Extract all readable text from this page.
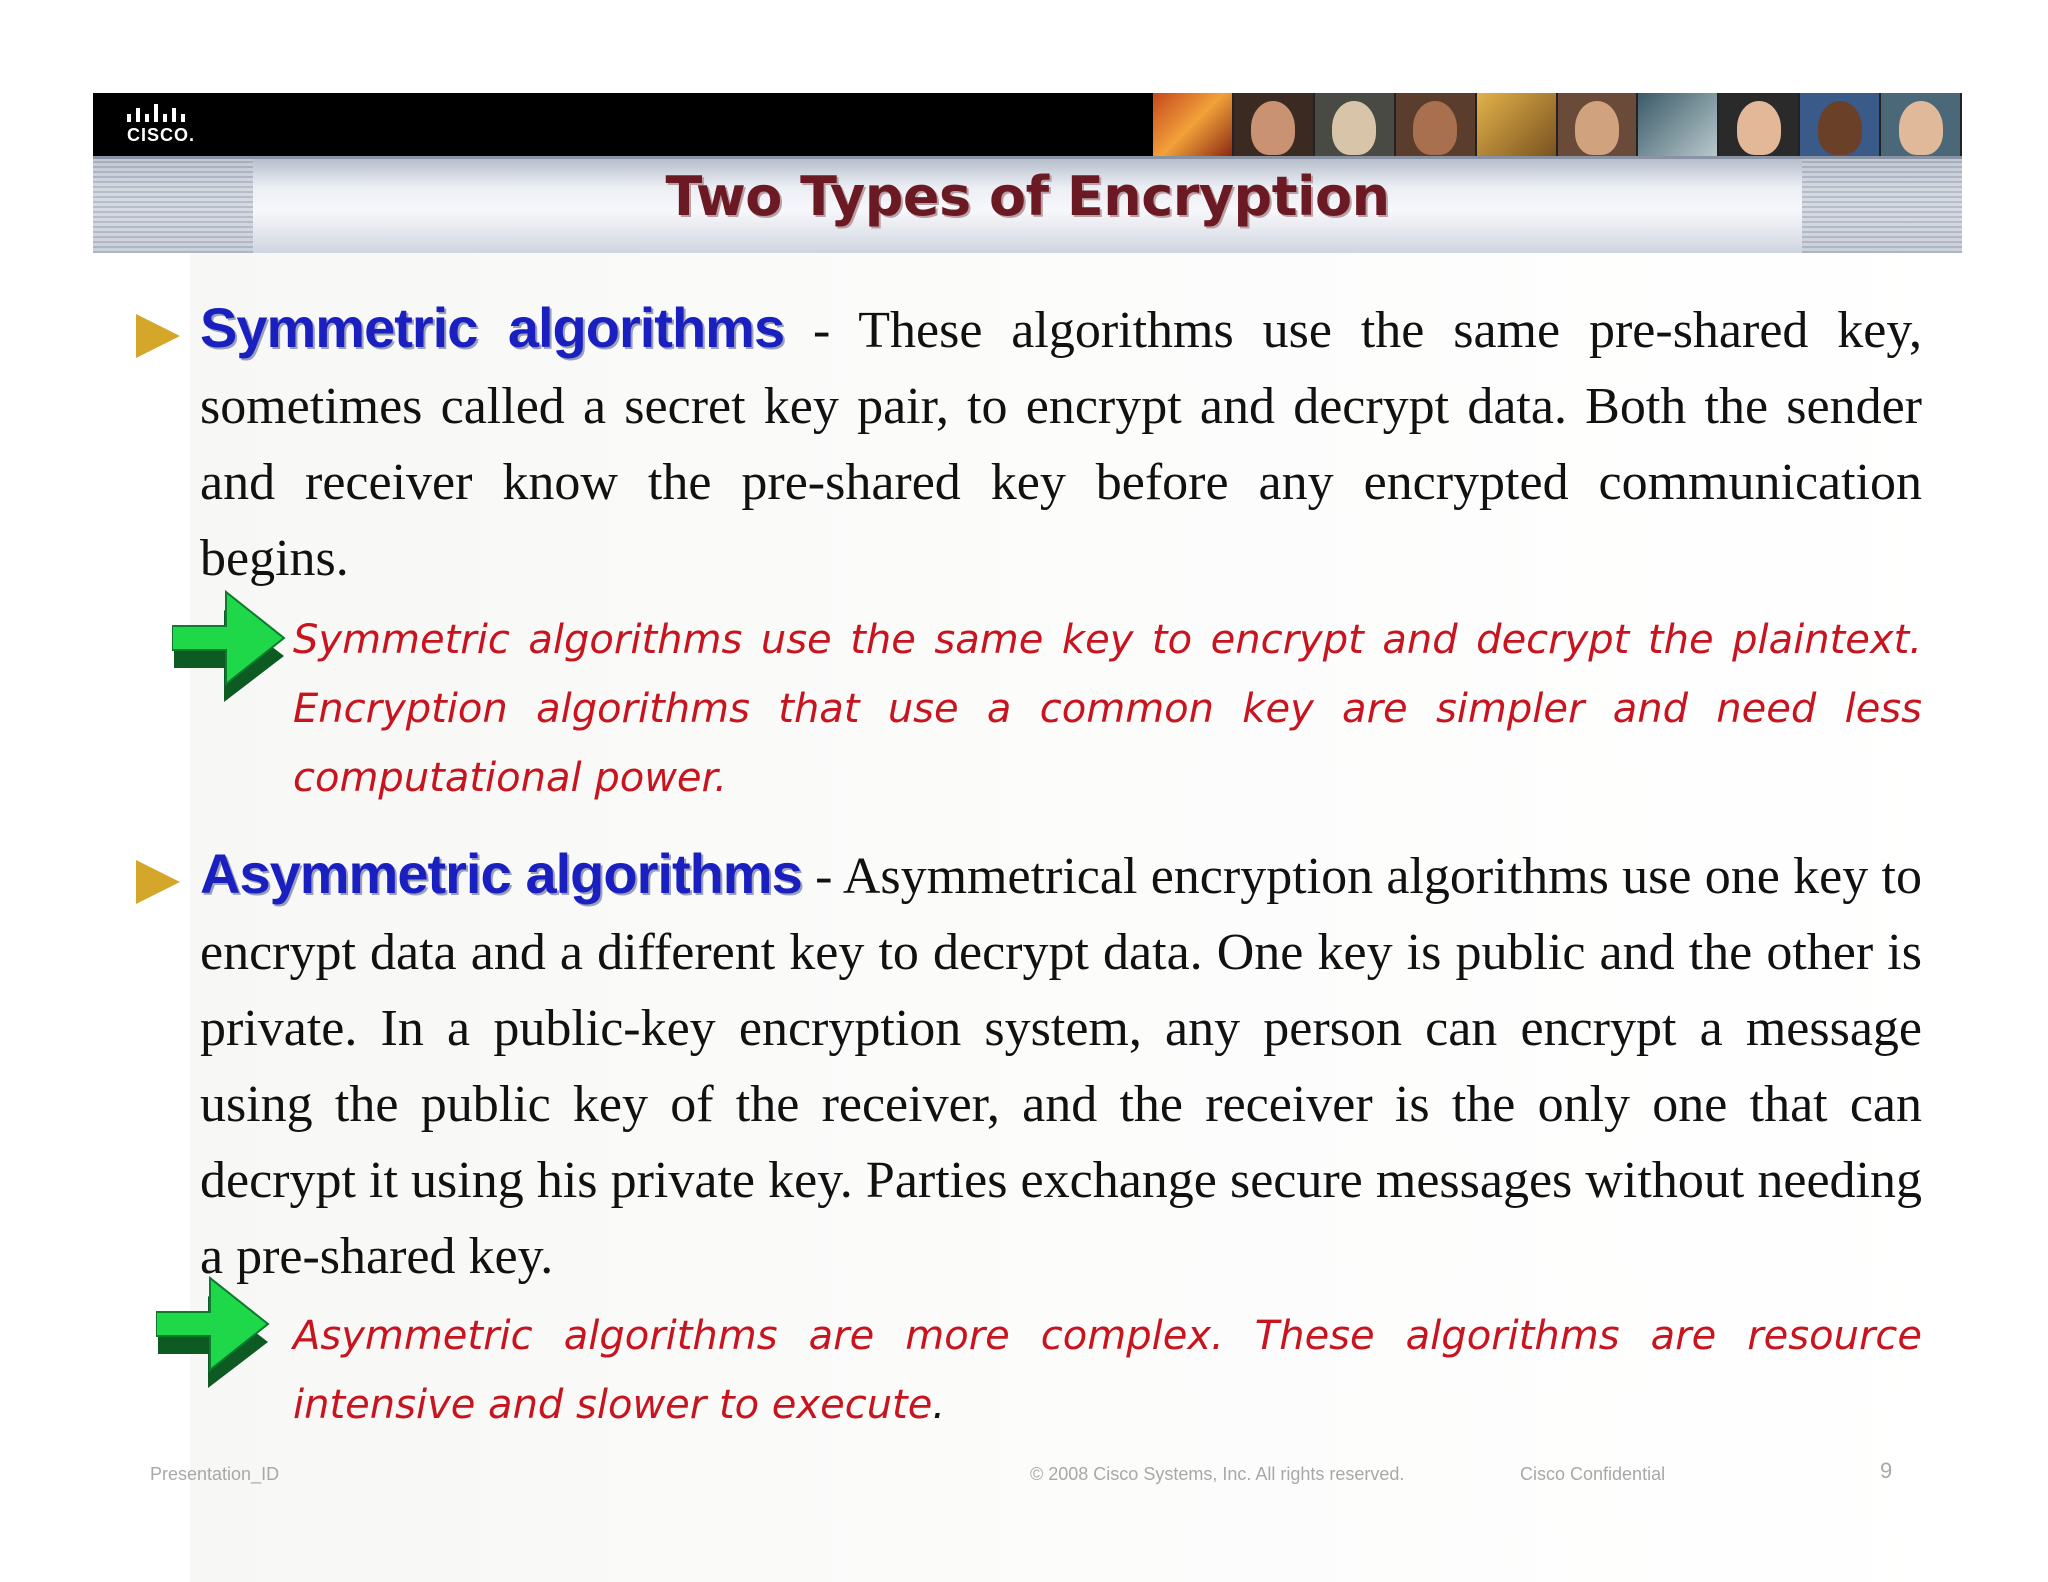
CISCO.
Two Types of Encryption
Symmetric algorithms - These algorithms use the same pre-shared key, sometimes called a secret key pair, to encrypt and decrypt data. Both the sender and receiver know the pre-shared key before any encrypted communication begins.
Symmetric algorithms use the same key to encrypt and decrypt the plaintext. Encryption algorithms that use a common key are simpler and need less computational power.
Asymmetric algorithms - Asymmetrical encryption algorithms use one key to encrypt data and a different key to decrypt data. One key is public and the other is private. In a public-key encryption system, any person can encrypt a message using the public key of the receiver, and the receiver is the only one that can decrypt it using his private key. Parties exchange secure messages without needing a pre-shared key.
Asymmetric algorithms are more complex. These algorithms are resource intensive and slower to execute.
Presentation_ID	© 2008 Cisco Systems, Inc. All rights reserved.	Cisco Confidential	9
